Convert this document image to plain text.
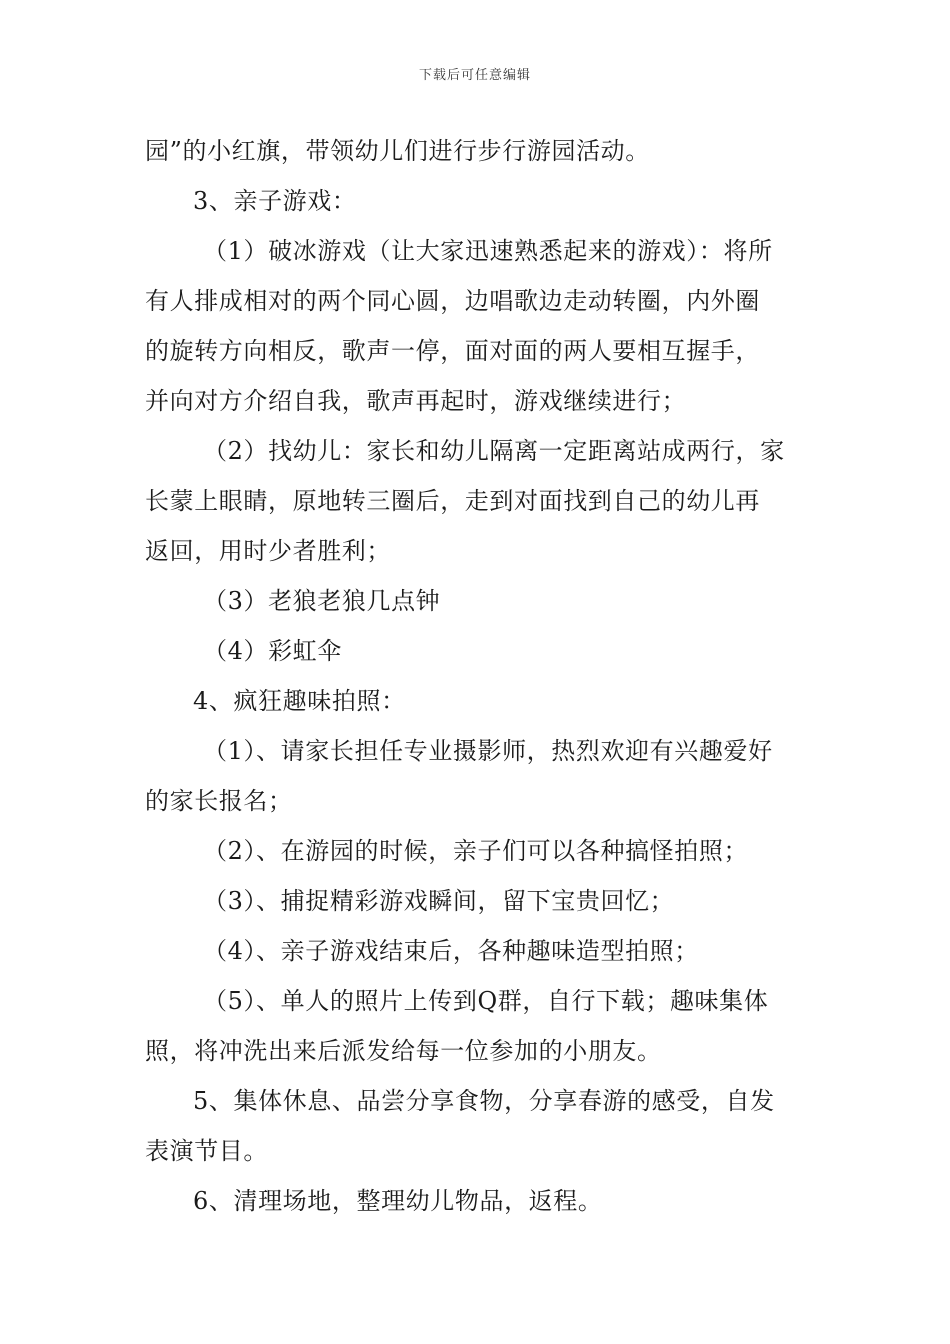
下载后可任意编辑
园”的小红旗，带领幼儿们进行步行游园活动。
3、亲子游戏：
（1）破冰游戏（让大家迅速熟悉起来的游戏）：将所
有人排成相对的两个同心圆，边唱歌边走动转圈，内外圈
的旋转方向相反，歌声一停，面对面的两人要相互握手，
并向对方介绍自我，歌声再起时，游戏继续进行；
（2）找幼儿：家长和幼儿隔离一定距离站成两行，家
长蒙上眼睛，原地转三圈后，走到对面找到自己的幼儿再
返回，用时少者胜利；
（3）老狼老狼几点钟
（4）彩虹伞
4、疯狂趣味拍照：
（1）、请家长担任专业摄影师，热烈欢迎有兴趣爱好
的家长报名；
（2）、在游园的时候，亲子们可以各种搞怪拍照；
（3）、捕捉精彩游戏瞬间，留下宝贵回忆；
（4）、亲子游戏结束后，各种趣味造型拍照；
（5）、单人的照片上传到Q群，自行下载；趣味集体
照，将冲洗出来后派发给每一位参加的小朋友。
5、集体休息、品尝分享食物，分享春游的感受，自发
表演节目。
6、清理场地，整理幼儿物品，返程。
